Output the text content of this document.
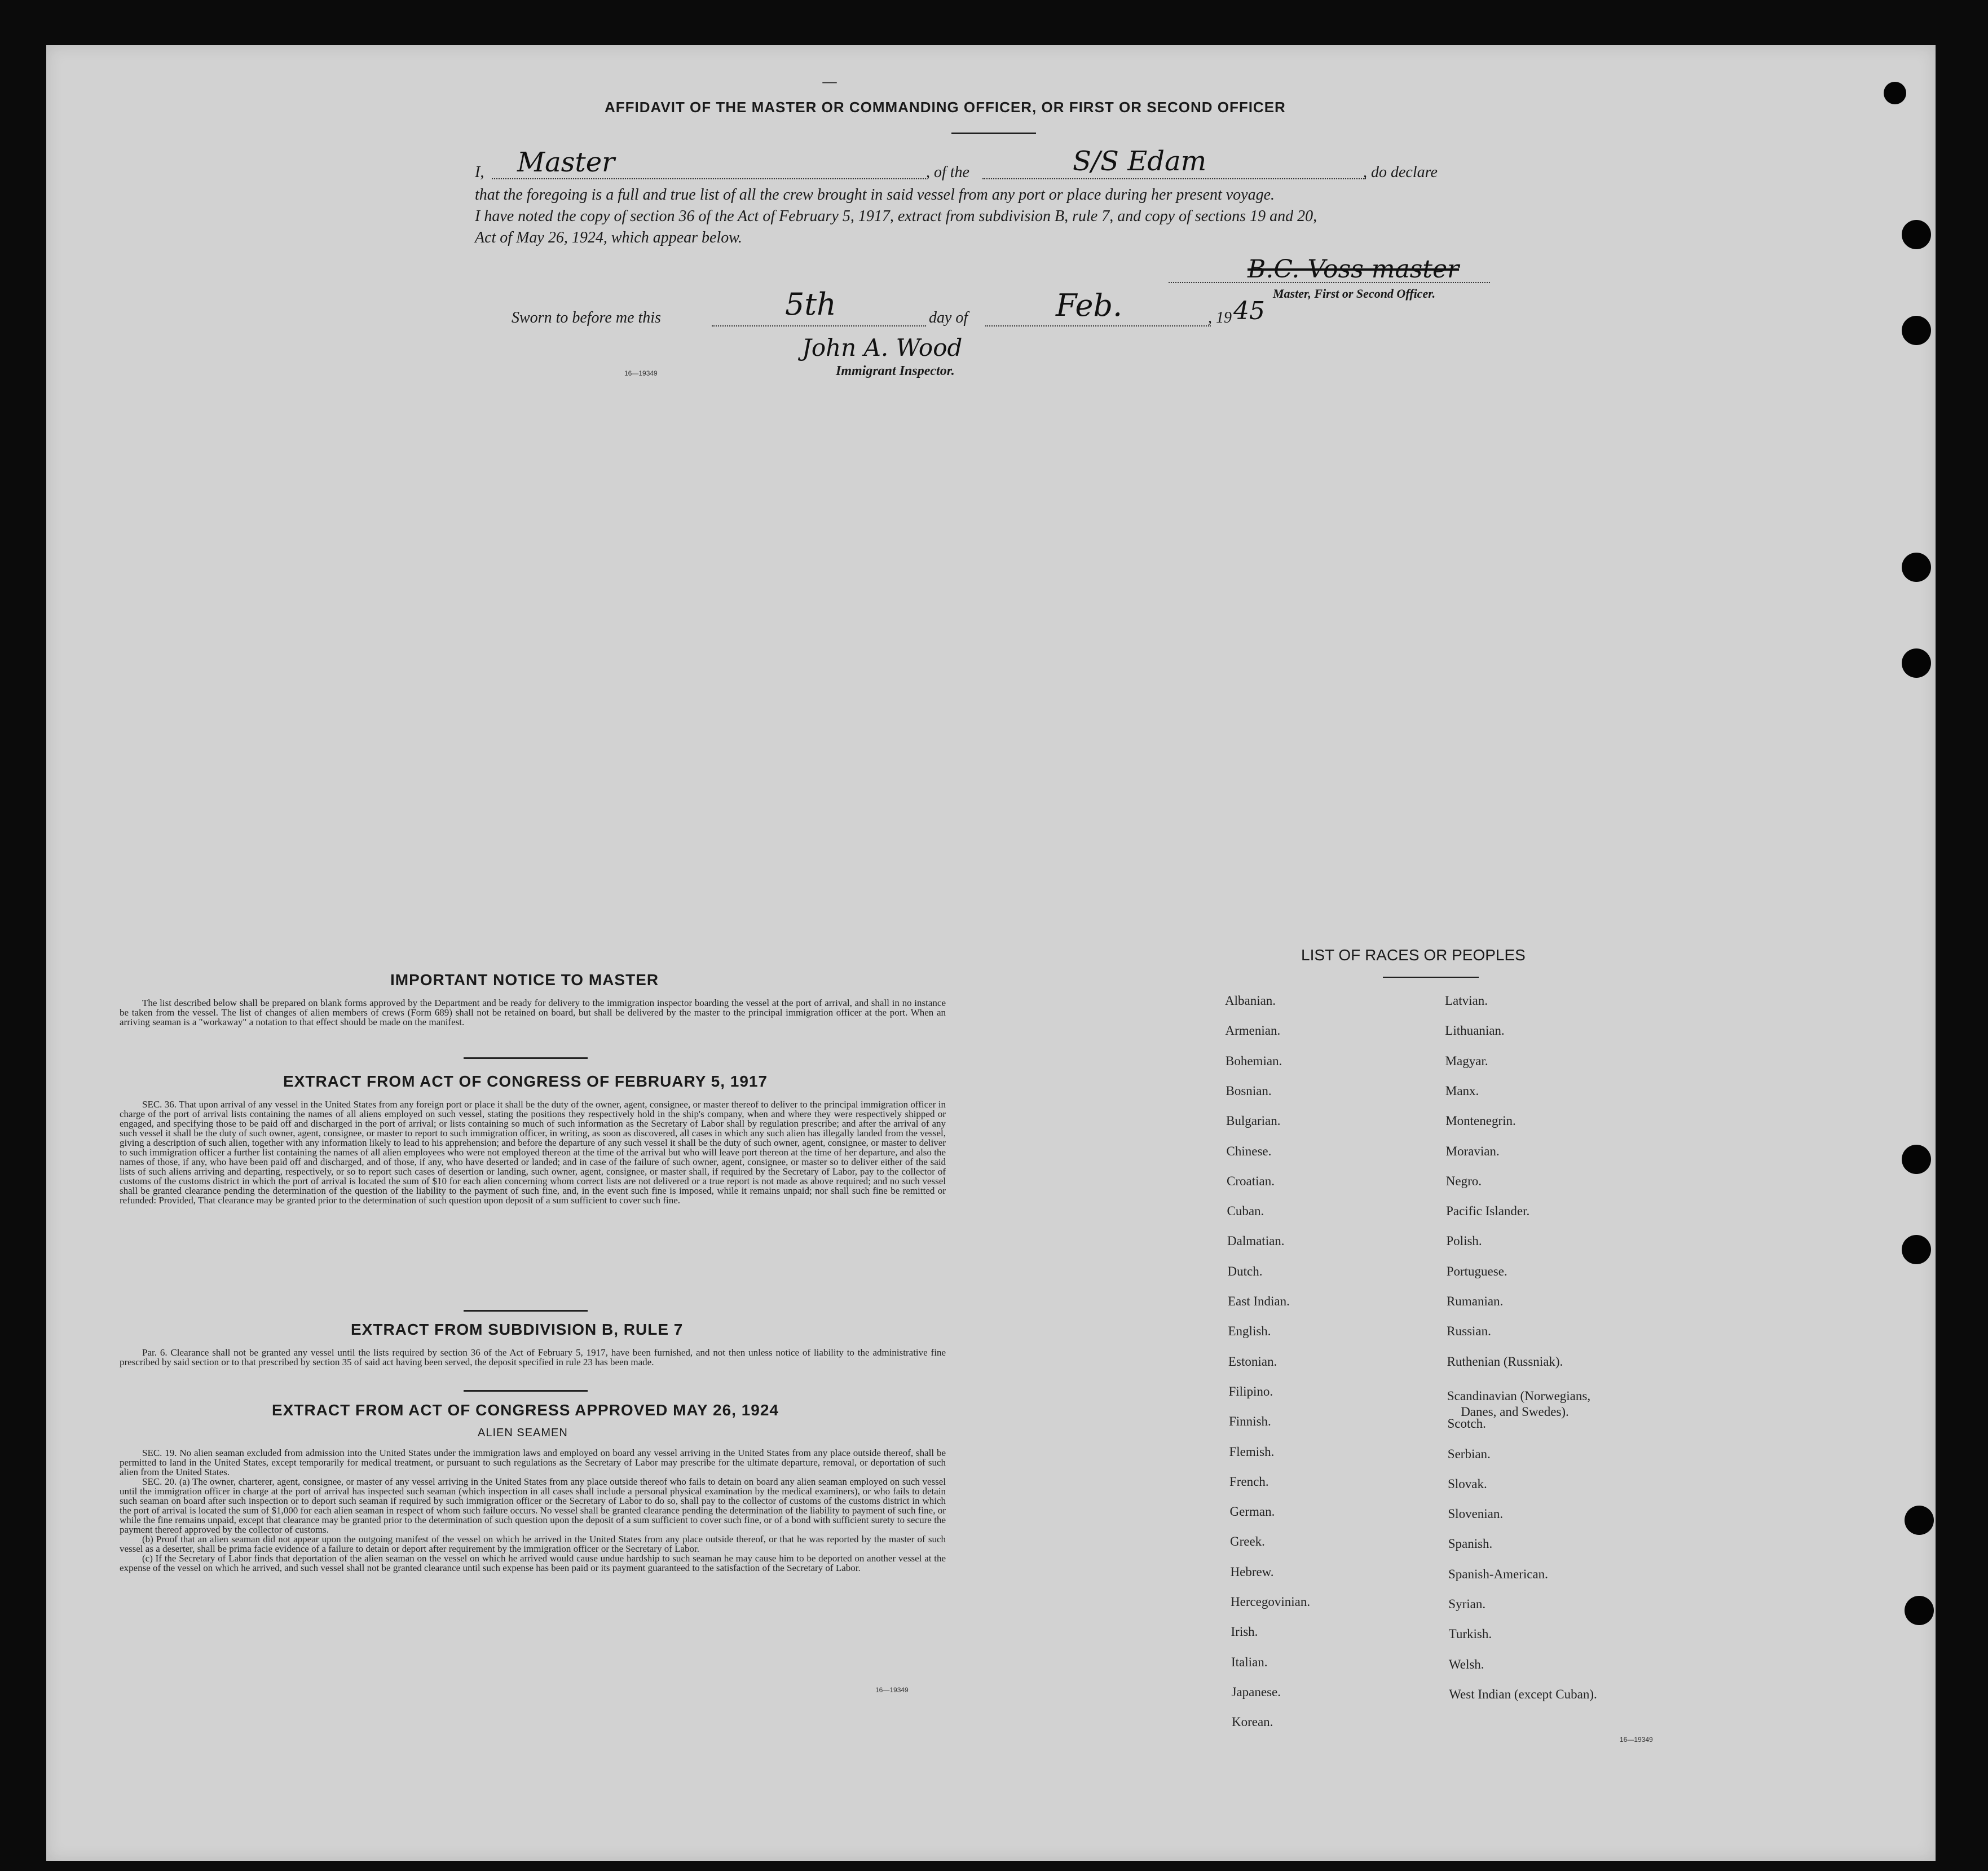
AFFIDAVIT OF THE MASTER OR COMMANDING OFFICER, OR FIRST OR SECOND OFFICER
I, Master	, of the	S/S Edam	, do declare
that the foregoing is a full and true list of all the crew brought in said vessel from any port or place during her present voyage.
I have noted the copy of section 36 of the Act of February 5, 1917, extract from subdivision B, rule 7, and copy of sections 19 and 20,
Act of May 26, 1924, which appear below.
B.C. Voss master
Master, First or Second Officer.
Sworn to before me this	5th	day of	Feb.	, 19 45
John A. Wood
Immigrant Inspector.
16—19349
IMPORTANT NOTICE TO MASTER
The list described below shall be prepared on blank forms approved by the Department and be ready for delivery to the immigration inspector boarding the vessel at the port of arrival, and shall in no instance be taken from the vessel. The list of changes of alien members of crews (Form 689) shall not be retained on board, but shall be delivered by the master to the principal immigration officer at the port. When an arriving seaman is a "workaway" a notation to that effect should be made on the manifest.
EXTRACT FROM ACT OF CONGRESS OF FEBRUARY 5, 1917
SEC. 36. That upon arrival of any vessel in the United States from any foreign port or place it shall be the duty of the owner, agent, consignee, or master thereof to deliver to the principal immigration officer in charge of the port of arrival lists containing the names of all aliens employed on such vessel, stating the positions they respectively hold in the ship's company, when and where they were respectively shipped or engaged, and specifying those to be paid off and discharged in the port of arrival; or lists containing so much of such information as the Secretary of Labor shall by regulation prescribe; and after the arrival of any such vessel it shall be the duty of such owner, agent, consignee, or master to report to such immigration officer, in writing, as soon as discovered, all cases in which any such alien has illegally landed from the vessel, giving a description of such alien, together with any information likely to lead to his apprehension; and before the departure of any such vessel it shall be the duty of such owner, agent, consignee, or master to deliver to such immigration officer a further list containing the names of all alien employees who were not employed thereon at the time of the arrival but who will leave port thereon at the time of her departure, and also the names of those, if any, who have been paid off and discharged, and of those, if any, who have deserted or landed; and in case of the failure of such owner, agent, consignee, or master so to deliver either of the said lists of such aliens arriving and departing, respectively, or so to report such cases of desertion or landing, such owner, agent, consignee, or master shall, if required by the Secretary of Labor, pay to the collector of customs of the customs district in which the port of arrival is located the sum of $10 for each alien concerning whom correct lists are not delivered or a true report is not made as above required; and no such vessel shall be granted clearance pending the determination of the question of the liability to the payment of such fine, and, in the event such fine is imposed, while it remains unpaid; nor shall such fine be remitted or refunded: Provided, That clearance may be granted prior to the determination of such question upon deposit of a sum sufficient to cover such fine.
EXTRACT FROM SUBDIVISION B, RULE 7
Par. 6. Clearance shall not be granted any vessel until the lists required by section 36 of the Act of February 5, 1917, have been furnished, and not then unless notice of liability to the administrative fine prescribed by said section or to that prescribed by section 35 of said act having been served, the deposit specified in rule 23 has been made.
EXTRACT FROM ACT OF CONGRESS APPROVED MAY 26, 1924
ALIEN SEAMEN
SEC. 19. No alien seaman excluded from admission into the United States under the immigration laws and employed on board any vessel arriving in the United States from any place outside thereof, shall be permitted to land in the United States, except temporarily for medical treatment, or pursuant to such regulations as the Secretary of Labor may prescribe for the ultimate departure, removal, or deportation of such alien from the United States.
SEC. 20. (a) The owner, charterer, agent, consignee, or master of any vessel arriving in the United States from any place outside thereof who fails to detain on board any alien seaman employed on such vessel until the immigration officer in charge at the port of arrival has inspected such seaman (which inspection in all cases shall include a personal physical examination by the medical examiners), or who fails to detain such seaman on board after such inspection or to deport such seaman if required by such immigration officer or the Secretary of Labor to do so, shall pay to the collector of customs of the customs district in which the port of arrival is located the sum of $1,000 for each alien seaman in respect of whom such failure occurs. No vessel shall be granted clearance pending the determination of the liability to payment of such fine, or while the fine remains unpaid, except that clearance may be granted prior to the determination of such question upon the deposit of a sum sufficient to cover such fine, or of a bond with sufficient surety to secure the payment thereof approved by the collector of customs.
(b) Proof that an alien seaman did not appear upon the outgoing manifest of the vessel on which he arrived in the United States from any place outside thereof, or that he was reported by the master of such vessel as a deserter, shall be prima facie evidence of a failure to detain or deport after requirement by the immigration officer or the Secretary of Labor.
(c) If the Secretary of Labor finds that deportation of the alien seaman on the vessel on which he arrived would cause undue hardship to such seaman he may cause him to be deported on another vessel at the expense of the vessel on which he arrived, and such vessel shall not be granted clearance until such expense has been paid or its payment guaranteed to the satisfaction of the Secretary of Labor.
16—19349
LIST OF RACES OR PEOPLES
16—19349
—
Albanian.
Armenian.
Bohemian.
Bosnian.
Bulgarian.
Chinese.
Croatian.
Cuban.
Dalmatian.
Dutch.
East Indian.
English.
Estonian.
Filipino.
Finnish.
Flemish.
French.
German.
Greek.
Hebrew.
Hercegovinian.
Irish.
Italian.
Japanese.
Korean.
Latvian.
Lithuanian.
Magyar.
Manx.
Montenegrin.
Moravian.
Negro.
Pacific Islander.
Polish.
Portuguese.
Rumanian.
Russian.
Ruthenian (Russniak).
Scandinavian (Norwegians,
Danes, and Swedes).
Scotch.
Serbian.
Slovak.
Slovenian.
Spanish.
Spanish-American.
Syrian.
Turkish.
Welsh.
West Indian (except Cuban).
